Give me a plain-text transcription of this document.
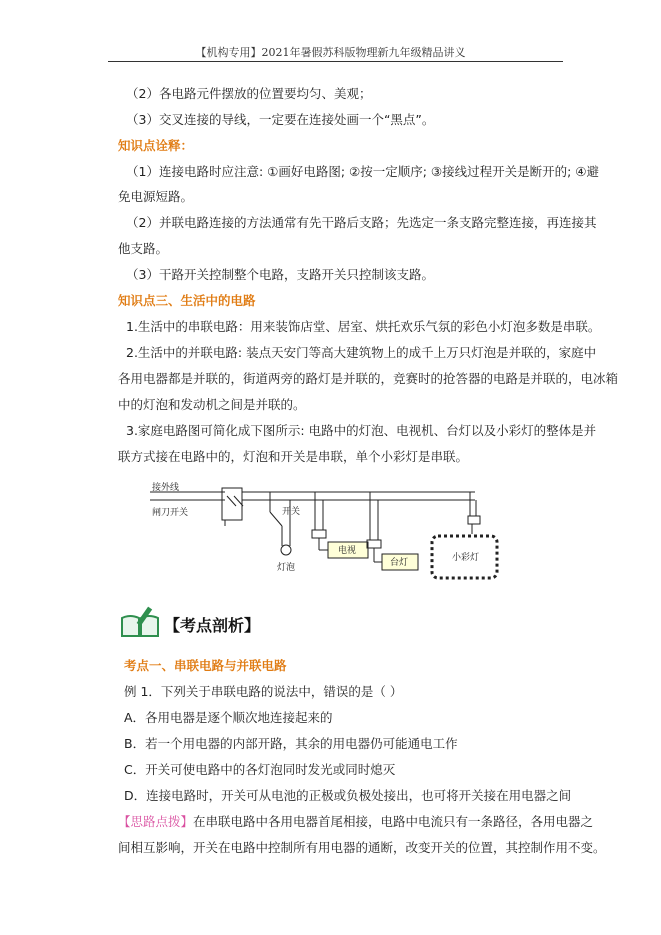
【机构专用】2021年暑假苏科版物理新九年级精品讲义
（2）各电路元件摆放的位置要均匀、美观；
（3）交叉连接的导线，一定要在连接处画一个“黑点”。
知识点诠释：
（1）连接电路时应注意: ①画好电路图; ②按一定顺序; ③接线过程开关是断开的; ④避
免电源短路。
（2）并联电路连接的方法通常有先干路后支路；先选定一条支路完整连接，再连接其
他支路。
（3）干路开关控制整个电路，支路开关只控制该支路。
知识点三、生活中的电路
1.生活中的串联电路：用来装饰店堂、居室、烘托欢乐气氛的彩色小灯泡多数是串联。
2.生活中的并联电路: 装点天安门等高大建筑物上的成千上万只灯泡是并联的，家庭中
各用电器都是并联的，街道两旁的路灯是并联的，竞赛时的抢答器的电路是并联的，电冰箱
中的灯泡和发动机之间是并联的。
3.家庭电路图可简化成下图所示: 电路中的灯泡、电视机、台灯以及小彩灯的整体是并
联方式接在电路中的，灯泡和开关是串联，单个小彩灯是串联。
接外线
闸刀开关	开关
灯泡
电视
台灯	小彩灯
【考点剖析】
考点一、串联电路与并联电路
例 1．下列关于串联电路的说法中，错误的是（ ）
A．各用电器是逐个顺次地连接起来的
B．若一个用电器的内部开路，其余的用电器仍可能通电工作
C．开关可使电路中的各灯泡同时发光或同时熄灭
D．连接电路时，开关可从电池的正极或负极处接出，也可将开关接在用电器之间
【思路点拨】在串联电路中各用电器首尾相接，电路中电流只有一条路径，各用电器之
间相互影响，开关在电路中控制所有用电器的通断，改变开关的位置，其控制作用不变。
